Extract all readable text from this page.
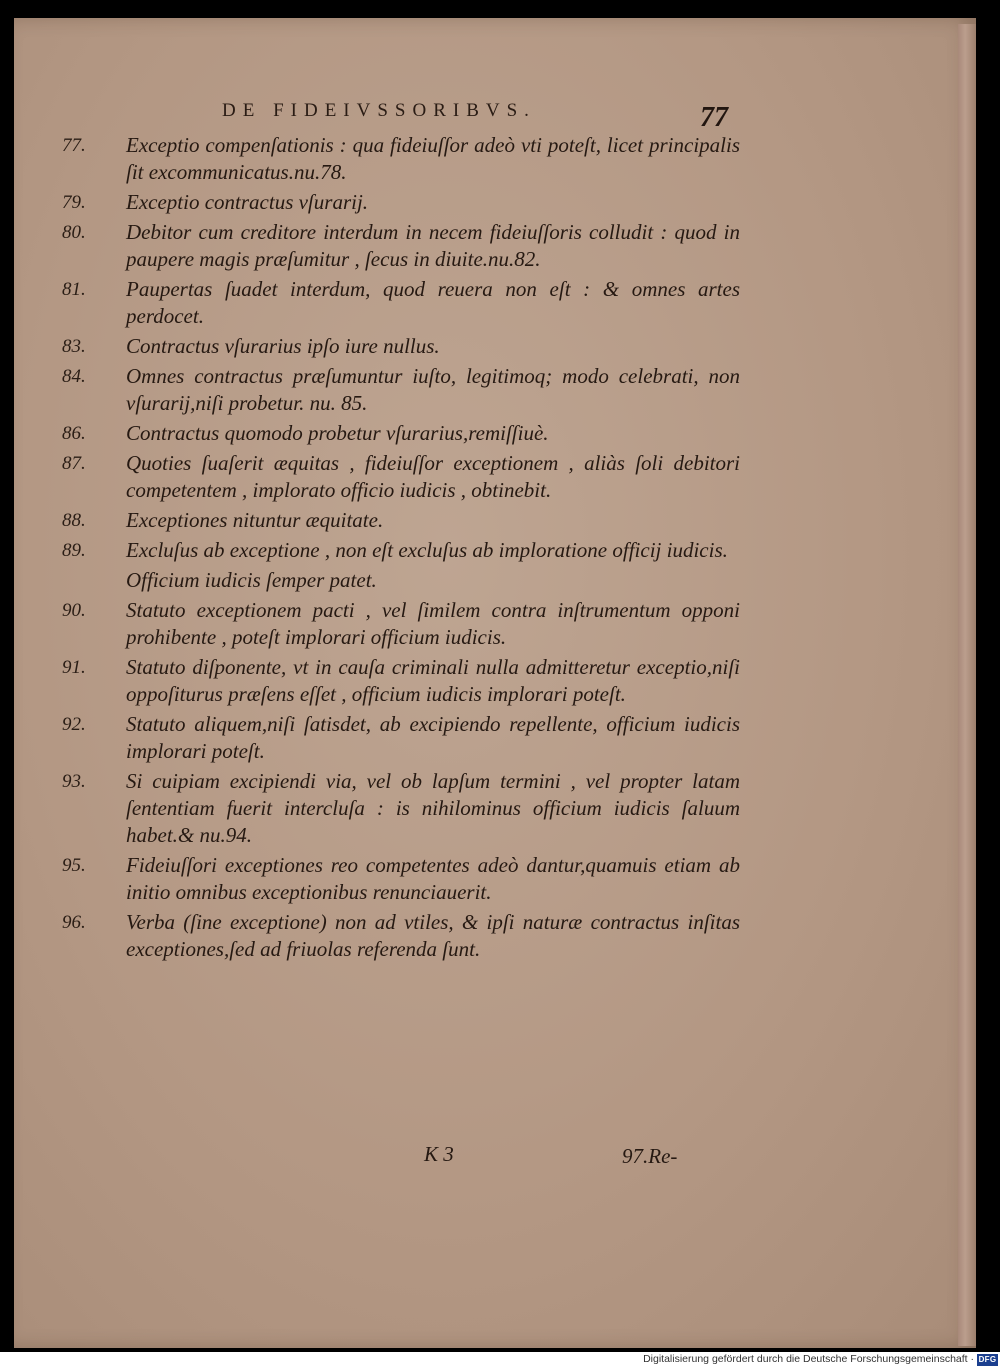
DE FIDEIVSSORIBVS.	77
77.	Exceptio compenſationis : qua fideiuſſor adeò vti poteſt, licet principalis ſit excommunicatus.nu.78.
79.	Exceptio contractus vſurarij.
80.	Debitor cum creditore interdum in necem fideiuſſoris colludit : quod in paupere magis præſumitur , ſecus in diuite.nu.82.
81.	Paupertas ſuadet interdum, quod reuera non eſt : & omnes artes perdocet.
83.	Contractus vſurarius ipſo iure nullus.
84.	Omnes contractus præſumuntur iuſto, legitimoq; modo celebrati, non vſurarij,niſi probetur. nu. 85.
86.	Contractus quomodo probetur vſurarius,remiſſiuè.
87.	Quoties ſuaſerit æquitas , fideiuſſor exceptionem , aliàs ſoli debitori competentem , implorato officio iudicis , obtinebit.
88.	Exceptiones nituntur æquitate.
89.	Excluſus ab exceptione , non eſt excluſus ab imploratione officij iudicis.
Officium iudicis ſemper patet.
90.	Statuto exceptionem pacti , vel ſimilem contra inſtrumentum opponi prohibente , poteſt implorari officium iudicis.
91.	Statuto diſponente, vt in cauſa criminali nulla admitteretur exceptio,niſi oppoſiturus præſens eſſet , officium iudicis implorari poteſt.
92.	Statuto aliquem,niſi ſatisdet, ab excipiendo repellente, officium iudicis implorari poteſt.
93.	Si cuipiam excipiendi via, vel ob lapſum termini , vel propter latam ſententiam fuerit intercluſa : is nihilominus officium iudicis ſaluum habet.& nu.94.
95.	Fideiuſſori exceptiones reo competentes adeò dantur,quamuis etiam ab initio omnibus exceptionibus renunciauerit.
96.	Verba (ſine exceptione) non ad vtiles, & ipſi naturæ contractus inſitas exceptiones,ſed ad friuolas referenda ſunt.
K 3	97.Re-
Digitalisierung gefördert durch die Deutsche Forschungsgemeinschaft · DFG
